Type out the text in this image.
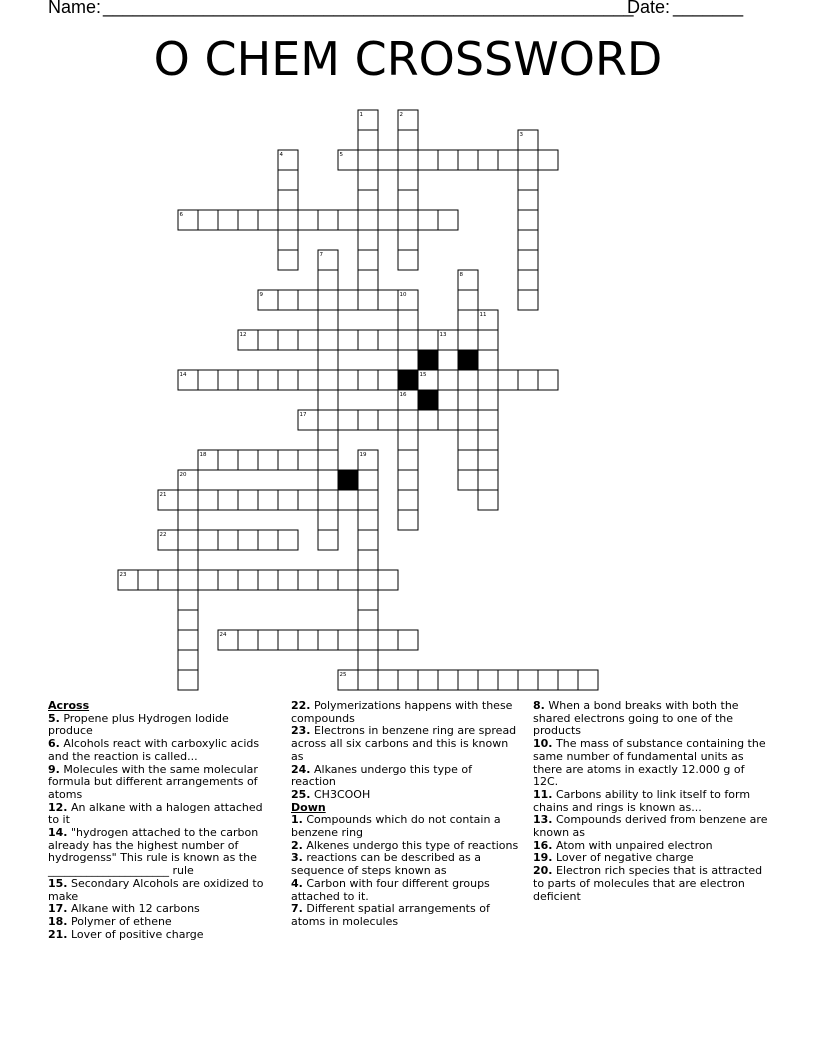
Name: _____________________________________________________
Date: _______
O CHEM CROSSWORD
1	2
3
4	5
6
7
8
9	10
11
12	13
14	15
16
17
18	19
20
21
22
23
24
25
Across
5. Propene plus Hydrogen Iodide produce
6. Alcohols react with carboxylic acids and the reaction is called...
9. Molecules with the same molecular formula but different arrangements of atoms
12. An alkane with a halogen attached to it
14. "hydrogen attached to the carbon already has the highest number of hydrogenss" This rule is known as the ______________________ rule
15. Secondary Alcohols are oxidized to make
17. Alkane with 12 carbons
18. Polymer of ethene
21. Lover of positive charge
22. Polymerizations happens with these compounds
23. Electrons in benzene ring are spread across all six carbons and this is known as
24. Alkanes undergo this type of reaction
25. CH3COOH
Down
1. Compounds which do not contain a benzene ring
2. Alkenes undergo this type of reactions
3. reactions can be described as a sequence of steps known as
4. Carbon with four different groups attached to it.
7. Different spatial arrangements of atoms in molecules
8. When a bond breaks with both the shared electrons going to one of the products
10. The mass of substance containing the same number of fundamental units as there are atoms in exactly 12.000 g of 12C.
11. Carbons ability to link itself to form chains and rings is known as...
13. Compounds derived from benzene are known as
16. Atom with unpaired electron
19. Lover of negative charge
20. Electron rich species that is attracted to parts of molecules that are electron deficient
